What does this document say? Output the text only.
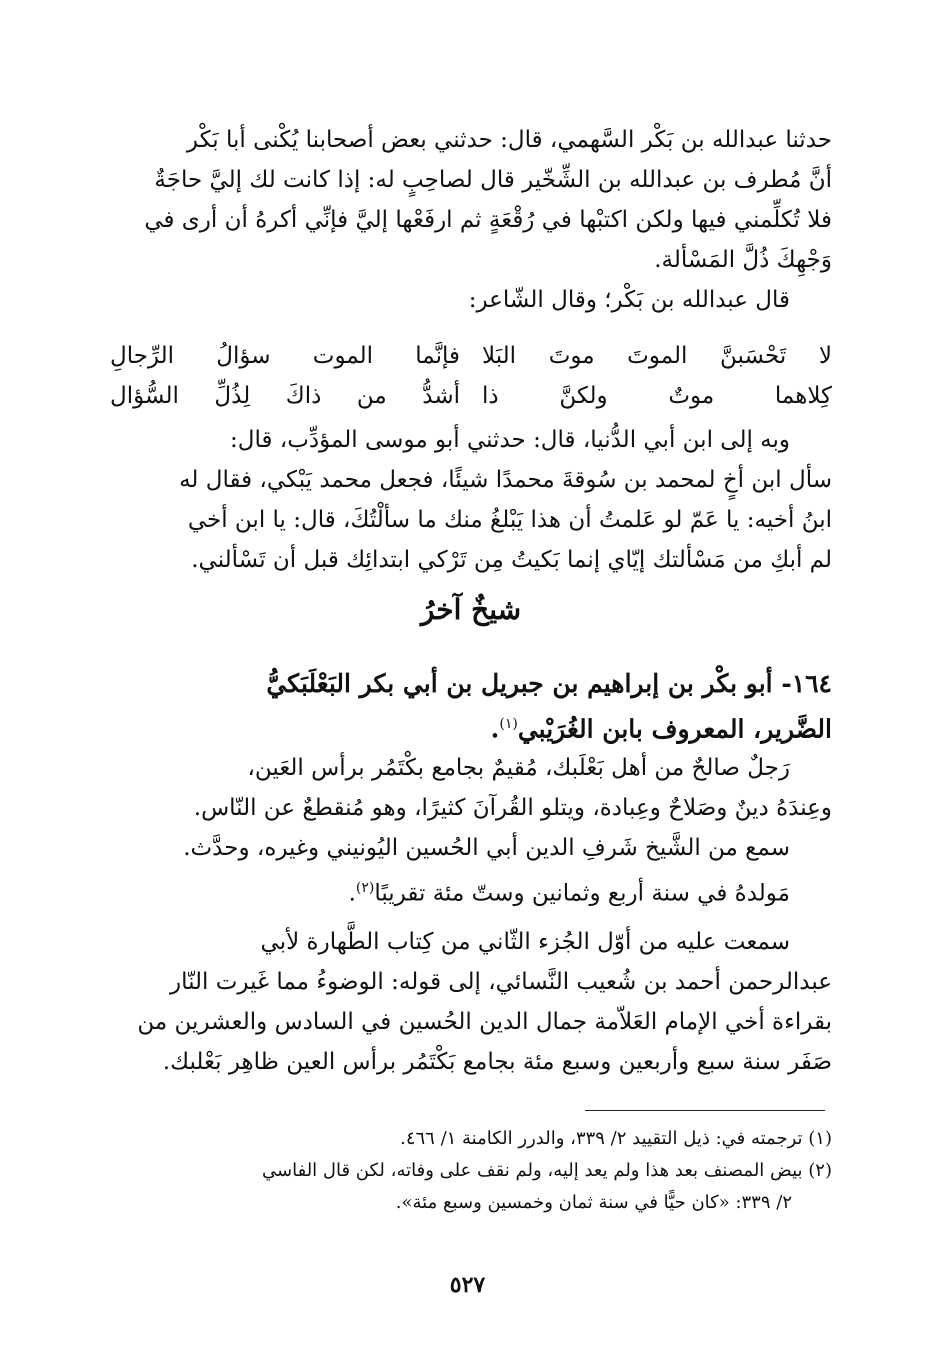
حدثنا عبدالله بن بَكْر السَّهمي، قال: حدثني بعض أصحابنا يُكْنى أبا بَكْر
أنَّ مُطرف بن عبدالله بن الشِّخّير قال لصاحِبٍ له: إذا كانت لك إليَّ حاجَةٌ
فلا تُكلِّمني فيها ولكن اكتبْها في رُقْعَةٍ ثم ارفَعْها إليَّ فإنِّي أكرهُ أن أرى في
وَجْهِكَ ذُلَّ المَسْألة.
قال عبدالله بن بَكْر؛ وقال الشّاعر:
لا تَحْسَبنَّ الموتَ موتَ البَلا
فإنَّما الموت سؤالُ الرِّجالِ
كِلاهما موتٌ ولكنَّ ذا
أشدُّ من ذاكَ لِذُلِّ السُّؤال
وبه إلى ابن أبي الدُّنيا، قال: حدثني أبو موسى المؤدِّب، قال:
سأل ابن أخٍ لمحمد بن سُوقةَ محمدًا شيئًا، فجعل محمد يَبْكي، فقال له
ابنُ أخيه: يا عَمّ لو عَلمتُ أن هذا يَبْلغُ منك ما سألْتُكَ، قال: يا ابن أخي
لم أبكِ من مَسْألتك إيّاي إنما بَكيتُ مِن تَرْكي ابتدائِك قبل أن تَسْألني.
شيخٌ آخرُ
١٦٤- أبو بكْر بن إبراهيم بن جبريل بن أبي بكر البَعْلَبَكيُّ
الضَّرير، المعروف بابن الغُرَيْبي$^{(١)}$.
رَجلٌ صالحٌ من أهل بَعْلَبك، مُقيمٌ بجامع بكْتَمُر برأس العَين،
وعِندَهُ دينٌ وصَلاحٌ وعِبادة، ويتلو القُرآنَ كثيرًا، وهو مُنقطعٌ عن النّاس.
سمع من الشَّيخ شَرفِ الدين أبي الحُسين اليُونيني وغيره، وحدَّث.
مَولدهُ في سنة أربع وثمانين وستّ مئة تقريبًا$^{(٢)}$.
سمعت عليه من أوّل الجُزء الثّاني من كِتاب الطَّهارة لأبي
عبدالرحمن أحمد بن شُعيب النَّسائي، إلى قوله: الوضوءُ مما غَيرت النّار
بقراءة أخي الإمام العَلاّمة جمال الدين الحُسين في السادس والعشرين من
صَفَر سنة سبع وأربعين وسبع مئة بجامع بَكْتَمُر برأس العين ظاهِر بَعْلبك.
(١) ترجمته في: ذيل التقييد ٢/ ٣٣٩، والدرر الكامنة ١/ ٤٦٦.
(٢) بيض المصنف بعد هذا ولم يعد إليه، ولم نقف على وفاته، لكن قال الفاسي
٢/ ٣٣٩: «كان حيًّا في سنة ثمان وخمسين وسبع مئة».
٥٢٧
